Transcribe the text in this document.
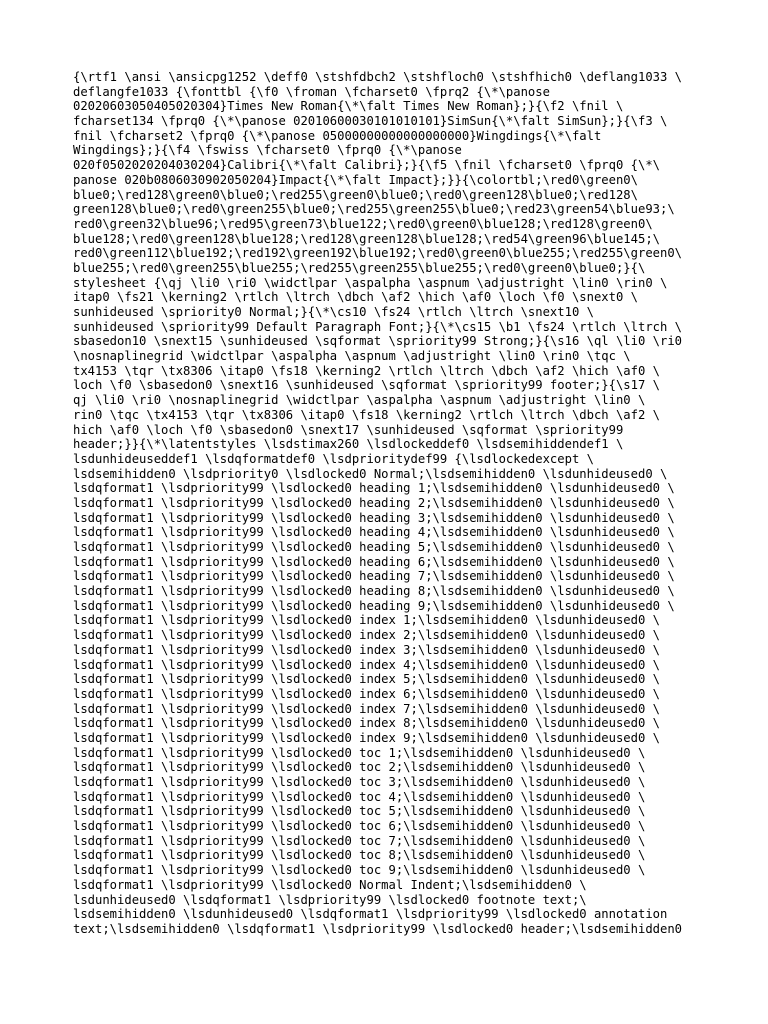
{\rtf1 \ansi \ansicpg1252 \deff0 \stshfdbch2 \stshfloch0 \stshfhich0 \deflang1033 \
deflangfe1033 {\fonttbl {\f0 \froman \fcharset0 \fprq2 {\*\panose
02020603050405020304}Times New Roman{\*\falt Times New Roman};}{\f2 \fnil \
fcharset134 \fprq0 {\*\panose 02010600030101010101}SimSun{\*\falt SimSun};}{\f3 \
fnil \fcharset2 \fprq0 {\*\panose 05000000000000000000}Wingdings{\*\falt
Wingdings};}{\f4 \fswiss \fcharset0 \fprq0 {\*\panose
020f0502020204030204}Calibri{\*\falt Calibri};}{\f5 \fnil \fcharset0 \fprq0 {\*\
panose 020b0806030902050204}Impact{\*\falt Impact};}}{\colortbl;\red0\green0\
blue0;\red128\green0\blue0;\red255\green0\blue0;\red0\green128\blue0;\red128\
green128\blue0;\red0\green255\blue0;\red255\green255\blue0;\red23\green54\blue93;\
red0\green32\blue96;\red95\green73\blue122;\red0\green0\blue128;\red128\green0\
blue128;\red0\green128\blue128;\red128\green128\blue128;\red54\green96\blue145;\
red0\green112\blue192;\red192\green192\blue192;\red0\green0\blue255;\red255\green0\
blue255;\red0\green255\blue255;\red255\green255\blue255;\red0\green0\blue0;}{\
stylesheet {\qj \li0 \ri0 \widctlpar \aspalpha \aspnum \adjustright \lin0 \rin0 \
itap0 \fs21 \kerning2 \rtlch \ltrch \dbch \af2 \hich \af0 \loch \f0 \snext0 \
sunhideused \spriority0 Normal;}{\*\cs10 \fs24 \rtlch \ltrch \snext10 \
sunhideused \spriority99 Default Paragraph Font;}{\*\cs15 \b1 \fs24 \rtlch \ltrch \
sbasedon10 \snext15 \sunhideused \sqformat \spriority99 Strong;}{\s16 \ql \li0 \ri0
\nosnaplinegrid \widctlpar \aspalpha \aspnum \adjustright \lin0 \rin0 \tqc \
tx4153 \tqr \tx8306 \itap0 \fs18 \kerning2 \rtlch \ltrch \dbch \af2 \hich \af0 \
loch \f0 \sbasedon0 \snext16 \sunhideused \sqformat \spriority99 footer;}{\s17 \
qj \li0 \ri0 \nosnaplinegrid \widctlpar \aspalpha \aspnum \adjustright \lin0 \
rin0 \tqc \tx4153 \tqr \tx8306 \itap0 \fs18 \kerning2 \rtlch \ltrch \dbch \af2 \
hich \af0 \loch \f0 \sbasedon0 \snext17 \sunhideused \sqformat \spriority99
header;}}{\*\latentstyles \lsdstimax260 \lsdlockeddef0 \lsdsemihiddendef1 \
lsdunhideuseddef1 \lsdqformatdef0 \lsdprioritydef99 {\lsdlockedexcept \
lsdsemihidden0 \lsdpriority0 \lsdlocked0 Normal;\lsdsemihidden0 \lsdunhideused0 \
lsdqformat1 \lsdpriority99 \lsdlocked0 heading 1;\lsdsemihidden0 \lsdunhideused0 \
lsdqformat1 \lsdpriority99 \lsdlocked0 heading 2;\lsdsemihidden0 \lsdunhideused0 \
lsdqformat1 \lsdpriority99 \lsdlocked0 heading 3;\lsdsemihidden0 \lsdunhideused0 \
lsdqformat1 \lsdpriority99 \lsdlocked0 heading 4;\lsdsemihidden0 \lsdunhideused0 \
lsdqformat1 \lsdpriority99 \lsdlocked0 heading 5;\lsdsemihidden0 \lsdunhideused0 \
lsdqformat1 \lsdpriority99 \lsdlocked0 heading 6;\lsdsemihidden0 \lsdunhideused0 \
lsdqformat1 \lsdpriority99 \lsdlocked0 heading 7;\lsdsemihidden0 \lsdunhideused0 \
lsdqformat1 \lsdpriority99 \lsdlocked0 heading 8;\lsdsemihidden0 \lsdunhideused0 \
lsdqformat1 \lsdpriority99 \lsdlocked0 heading 9;\lsdsemihidden0 \lsdunhideused0 \
lsdqformat1 \lsdpriority99 \lsdlocked0 index 1;\lsdsemihidden0 \lsdunhideused0 \
lsdqformat1 \lsdpriority99 \lsdlocked0 index 2;\lsdsemihidden0 \lsdunhideused0 \
lsdqformat1 \lsdpriority99 \lsdlocked0 index 3;\lsdsemihidden0 \lsdunhideused0 \
lsdqformat1 \lsdpriority99 \lsdlocked0 index 4;\lsdsemihidden0 \lsdunhideused0 \
lsdqformat1 \lsdpriority99 \lsdlocked0 index 5;\lsdsemihidden0 \lsdunhideused0 \
lsdqformat1 \lsdpriority99 \lsdlocked0 index 6;\lsdsemihidden0 \lsdunhideused0 \
lsdqformat1 \lsdpriority99 \lsdlocked0 index 7;\lsdsemihidden0 \lsdunhideused0 \
lsdqformat1 \lsdpriority99 \lsdlocked0 index 8;\lsdsemihidden0 \lsdunhideused0 \
lsdqformat1 \lsdpriority99 \lsdlocked0 index 9;\lsdsemihidden0 \lsdunhideused0 \
lsdqformat1 \lsdpriority99 \lsdlocked0 toc 1;\lsdsemihidden0 \lsdunhideused0 \
lsdqformat1 \lsdpriority99 \lsdlocked0 toc 2;\lsdsemihidden0 \lsdunhideused0 \
lsdqformat1 \lsdpriority99 \lsdlocked0 toc 3;\lsdsemihidden0 \lsdunhideused0 \
lsdqformat1 \lsdpriority99 \lsdlocked0 toc 4;\lsdsemihidden0 \lsdunhideused0 \
lsdqformat1 \lsdpriority99 \lsdlocked0 toc 5;\lsdsemihidden0 \lsdunhideused0 \
lsdqformat1 \lsdpriority99 \lsdlocked0 toc 6;\lsdsemihidden0 \lsdunhideused0 \
lsdqformat1 \lsdpriority99 \lsdlocked0 toc 7;\lsdsemihidden0 \lsdunhideused0 \
lsdqformat1 \lsdpriority99 \lsdlocked0 toc 8;\lsdsemihidden0 \lsdunhideused0 \
lsdqformat1 \lsdpriority99 \lsdlocked0 toc 9;\lsdsemihidden0 \lsdunhideused0 \
lsdqformat1 \lsdpriority99 \lsdlocked0 Normal Indent;\lsdsemihidden0 \
lsdunhideused0 \lsdqformat1 \lsdpriority99 \lsdlocked0 footnote text;\
lsdsemihidden0 \lsdunhideused0 \lsdqformat1 \lsdpriority99 \lsdlocked0 annotation
text;\lsdsemihidden0 \lsdqformat1 \lsdpriority99 \lsdlocked0 header;\lsdsemihidden0
